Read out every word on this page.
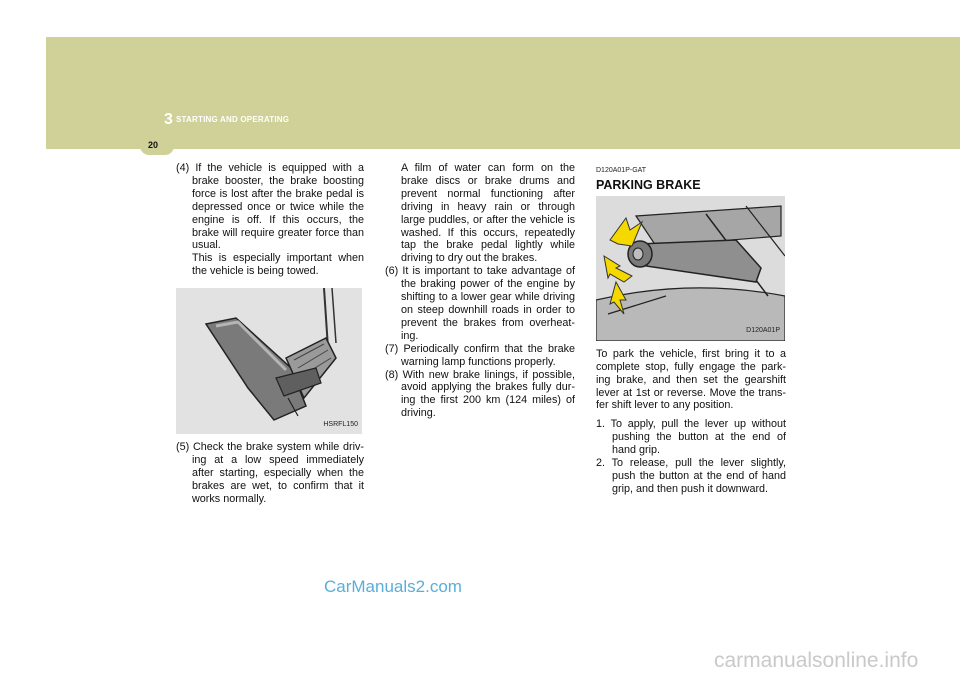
3 STARTING AND OPERATING
20

(4) If the vehicle is equipped with a brake booster, the brake boosting force is lost after the brake pedal is depressed once or twice while the engine is off. If this occurs, the brake will require greater force than usual.
This is especially important when the vehicle is being towed.

HSRFL150

(5) Check the brake system while driv-ing at a low speed immediately after starting, especially when the brakes are wet, to confirm that it works normally.

A film of water can form on the brake discs or brake drums and prevent normal functioning after driving in heavy rain or through large puddles, or after the vehicle is washed. If this occurs, repeatedly tap the brake pedal lightly while driving to dry out the brakes.

(6) It is important to take advantage of the braking power of the engine by shifting to a lower gear while driving on steep downhill roads in order to prevent the brakes from overheat-ing.

(7) Periodically confirm that the brake warning lamp functions properly.

(8) With new brake linings, if possible, avoid applying the brakes fully dur-ing the first 200 km (124 miles) of driving.

D120A01P-GAT
PARKING BRAKE
D120A01P

To park the vehicle, first bring it to a complete stop, fully engage the park-ing brake, and then set the gearshift lever at 1st or reverse. Move the trans-fer shift lever to any position.

1. To apply, pull the lever up without pushing the button at the end of hand grip.

2. To release, pull the lever slightly, push the button at the end of hand grip, and then push it downward.

CarManuals2.com
carmanualsonline.info
